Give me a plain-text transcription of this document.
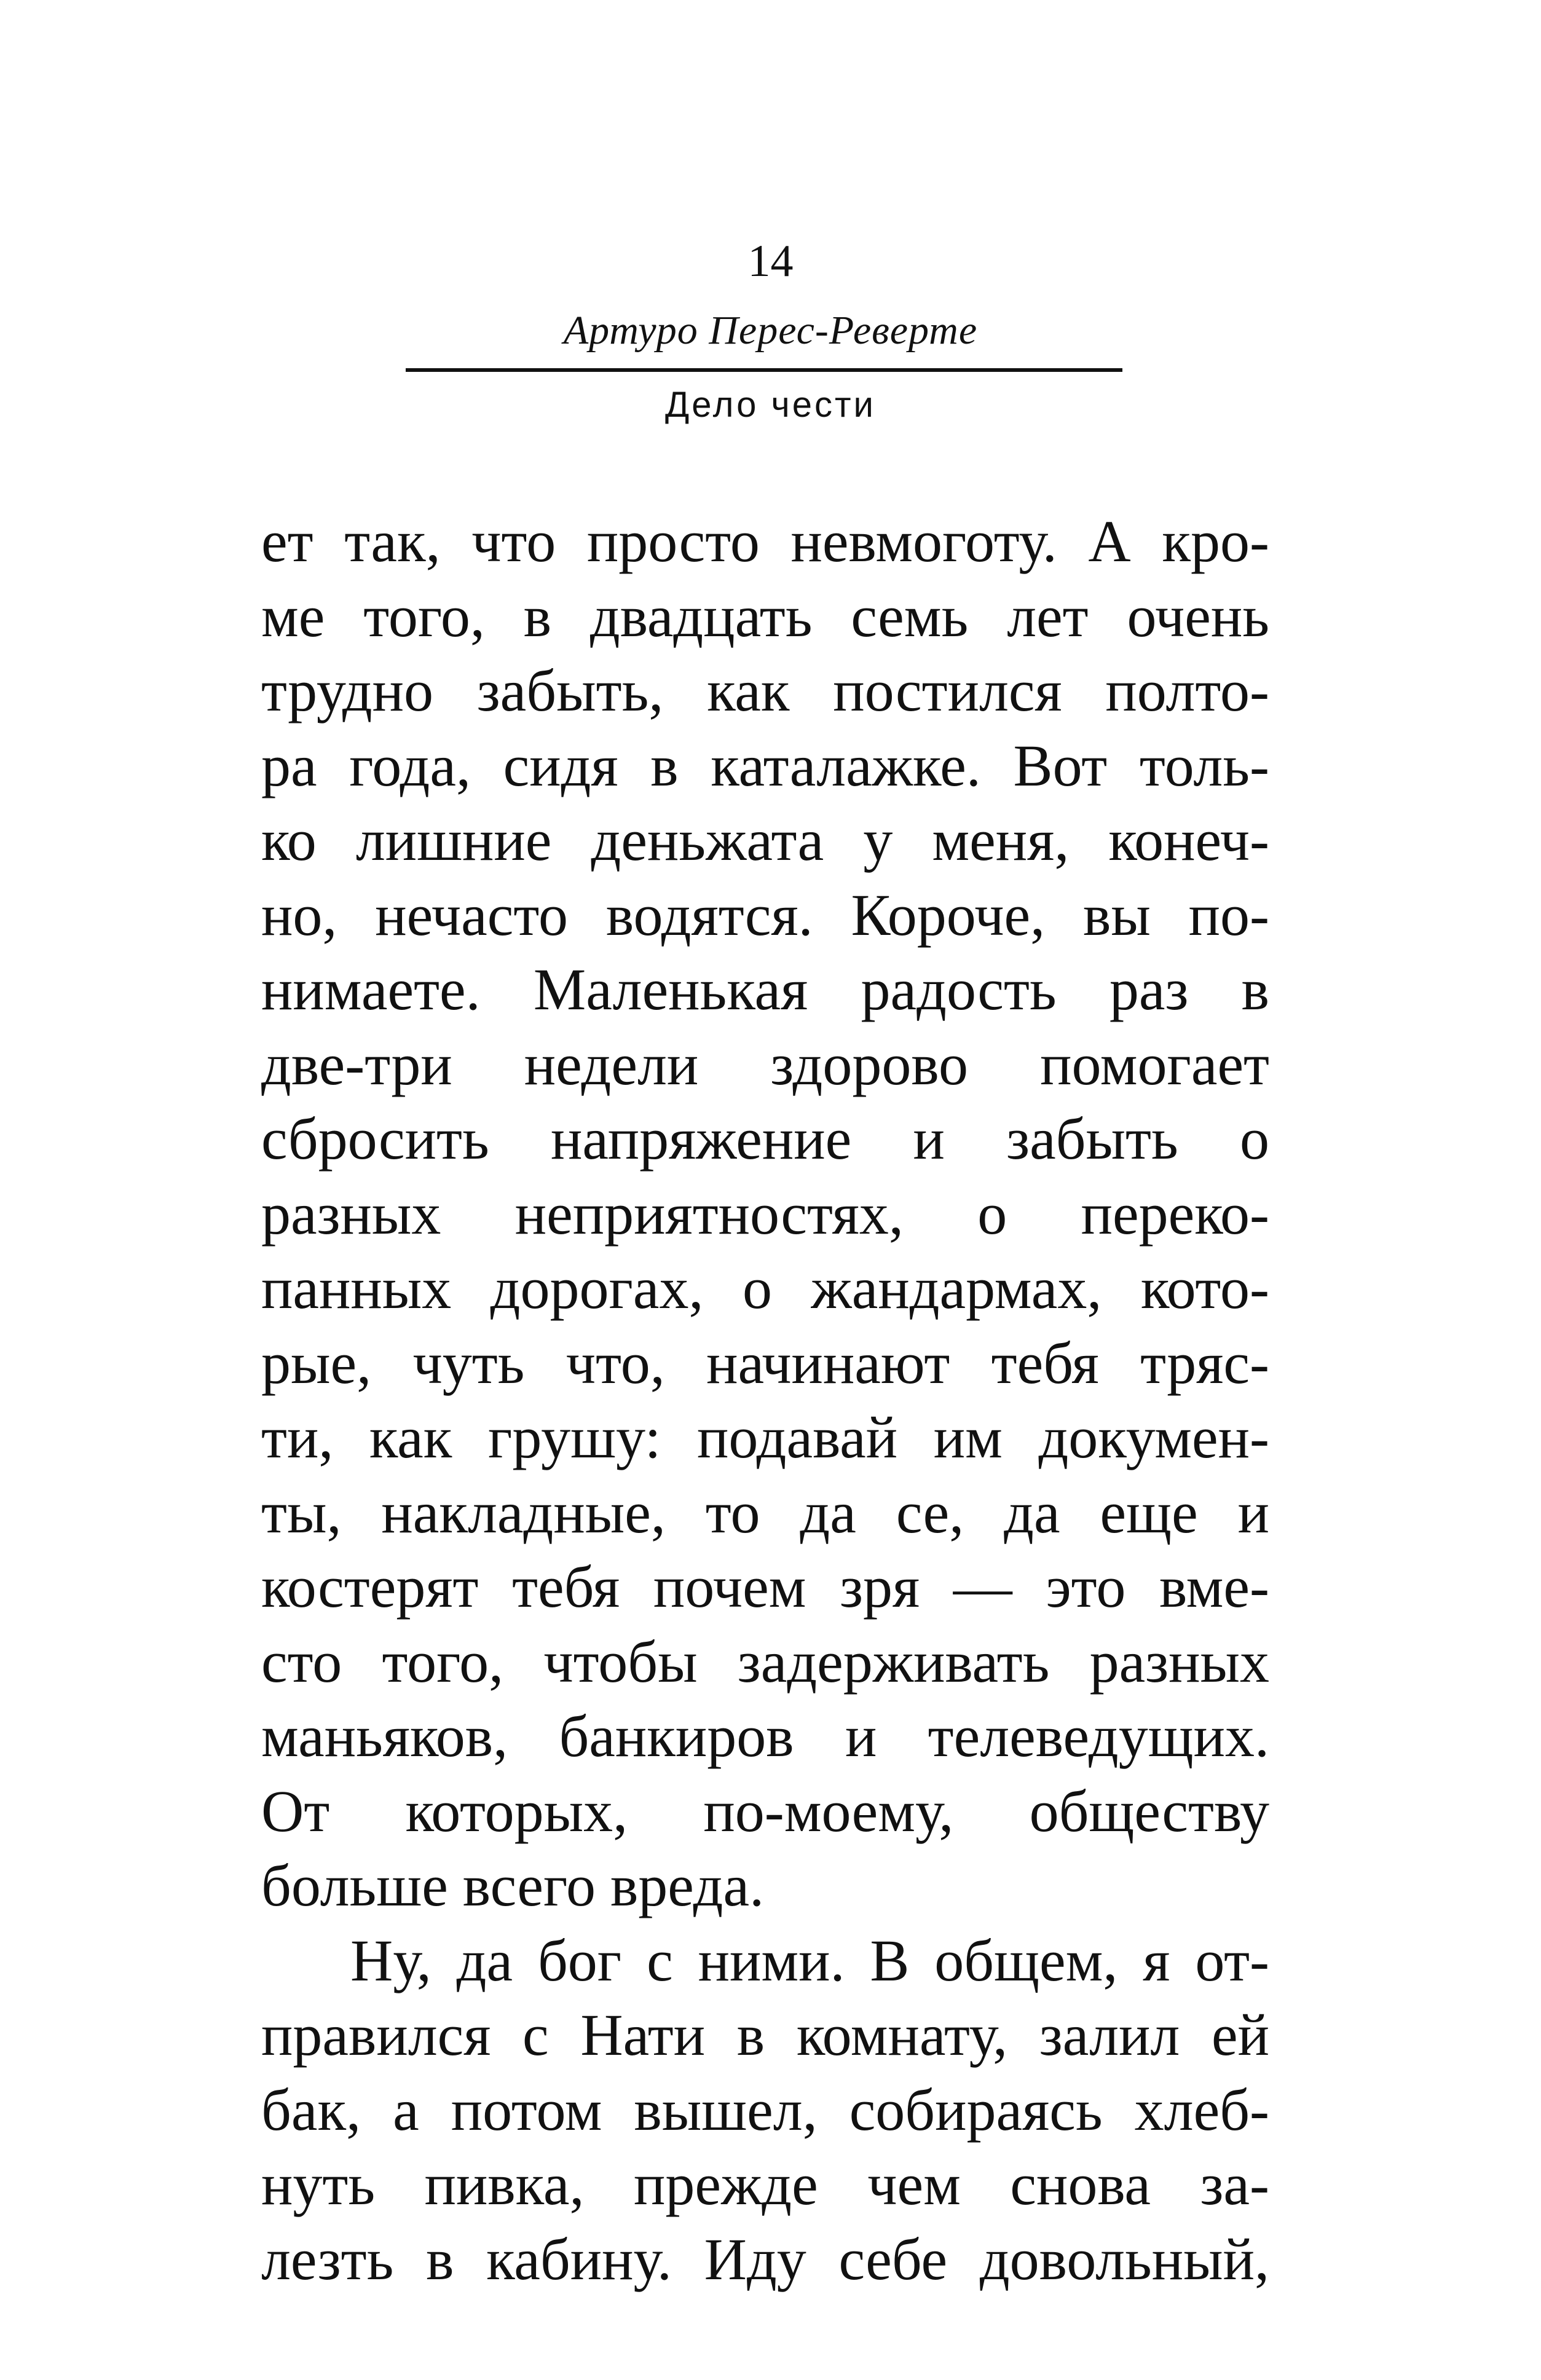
14
Артуро Перес-Реверте
Дело чести
ет так, что просто невмоготу. А кро-
ме того, в двадцать семь лет очень
трудно забыть, как постился полто-
ра года, сидя в каталажке. Вот толь-
ко лишние деньжата у меня, конеч-
но, нечасто водятся. Короче, вы по-
нимаете. Маленькая радость раз в
две-три недели здорово помогает
сбросить напряжение и забыть о
разных неприятностях, о переко-
панных дорогах, о жандармах, кото-
рые, чуть что, начинают тебя тряс-
ти, как грушу: подавай им докумен-
ты, накладные, то да се, да еще и
костерят тебя почем зря — это вме-
сто того, чтобы задерживать разных
маньяков, банкиров и телеведущих.
От которых, по-моему, обществу
больше всего вреда.
Ну, да бог с ними. В общем, я от-
правился с Нати в комнату, залил ей
бак, а потом вышел, собираясь хлеб-
нуть пивка, прежде чем снова за-
лезть в кабину. Иду себе довольный,
